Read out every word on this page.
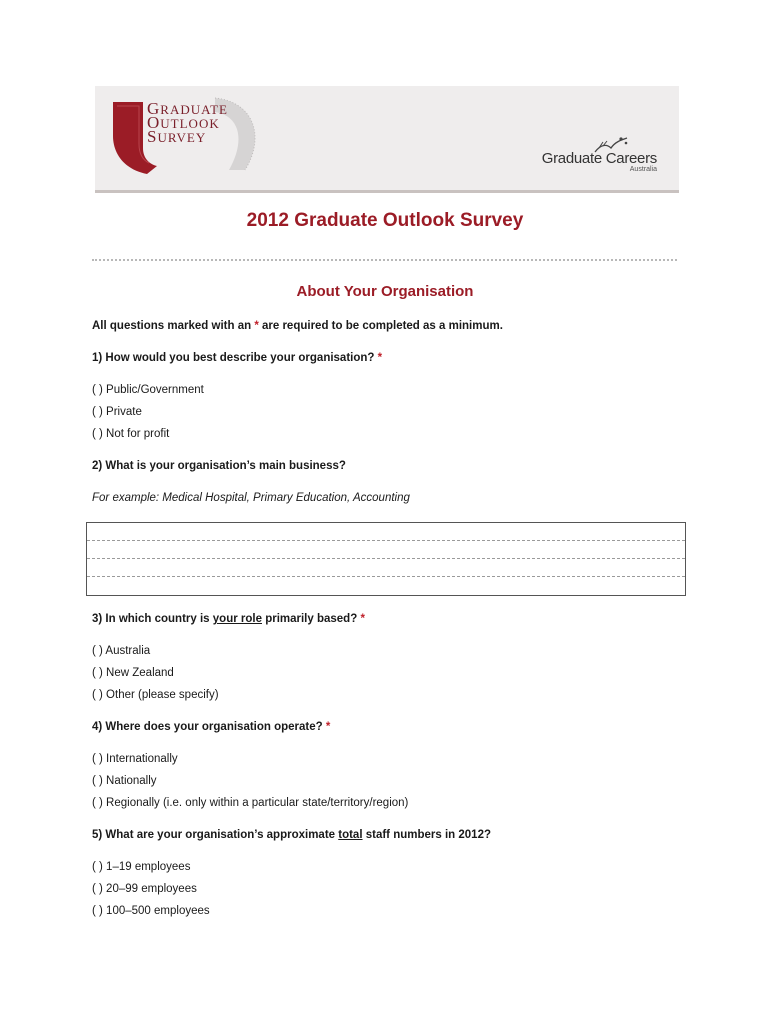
GRADUATE
OUTLOOK
SURVEY
Graduate Careers
Australia
2012 Graduate Outlook Survey
About Your Organisation
All questions marked with an * are required to be completed as a minimum.
1) How would you best describe your organisation? *
( ) Public/Government
( ) Private
( ) Not for profit
2) What is your organisation’s main business?
For example: Medical Hospital, Primary Education, Accounting
3) In which country is your role primarily based? *
( ) Australia
( ) New Zealand
( ) Other (please specify)
4) Where does your organisation operate? *
( ) Internationally
( ) Nationally
( ) Regionally (i.e. only within a particular state/territory/region)
5) What are your organisation’s approximate total staff numbers in 2012?
( ) 1–19 employees
( ) 20–99 employees
( ) 100–500 employees
